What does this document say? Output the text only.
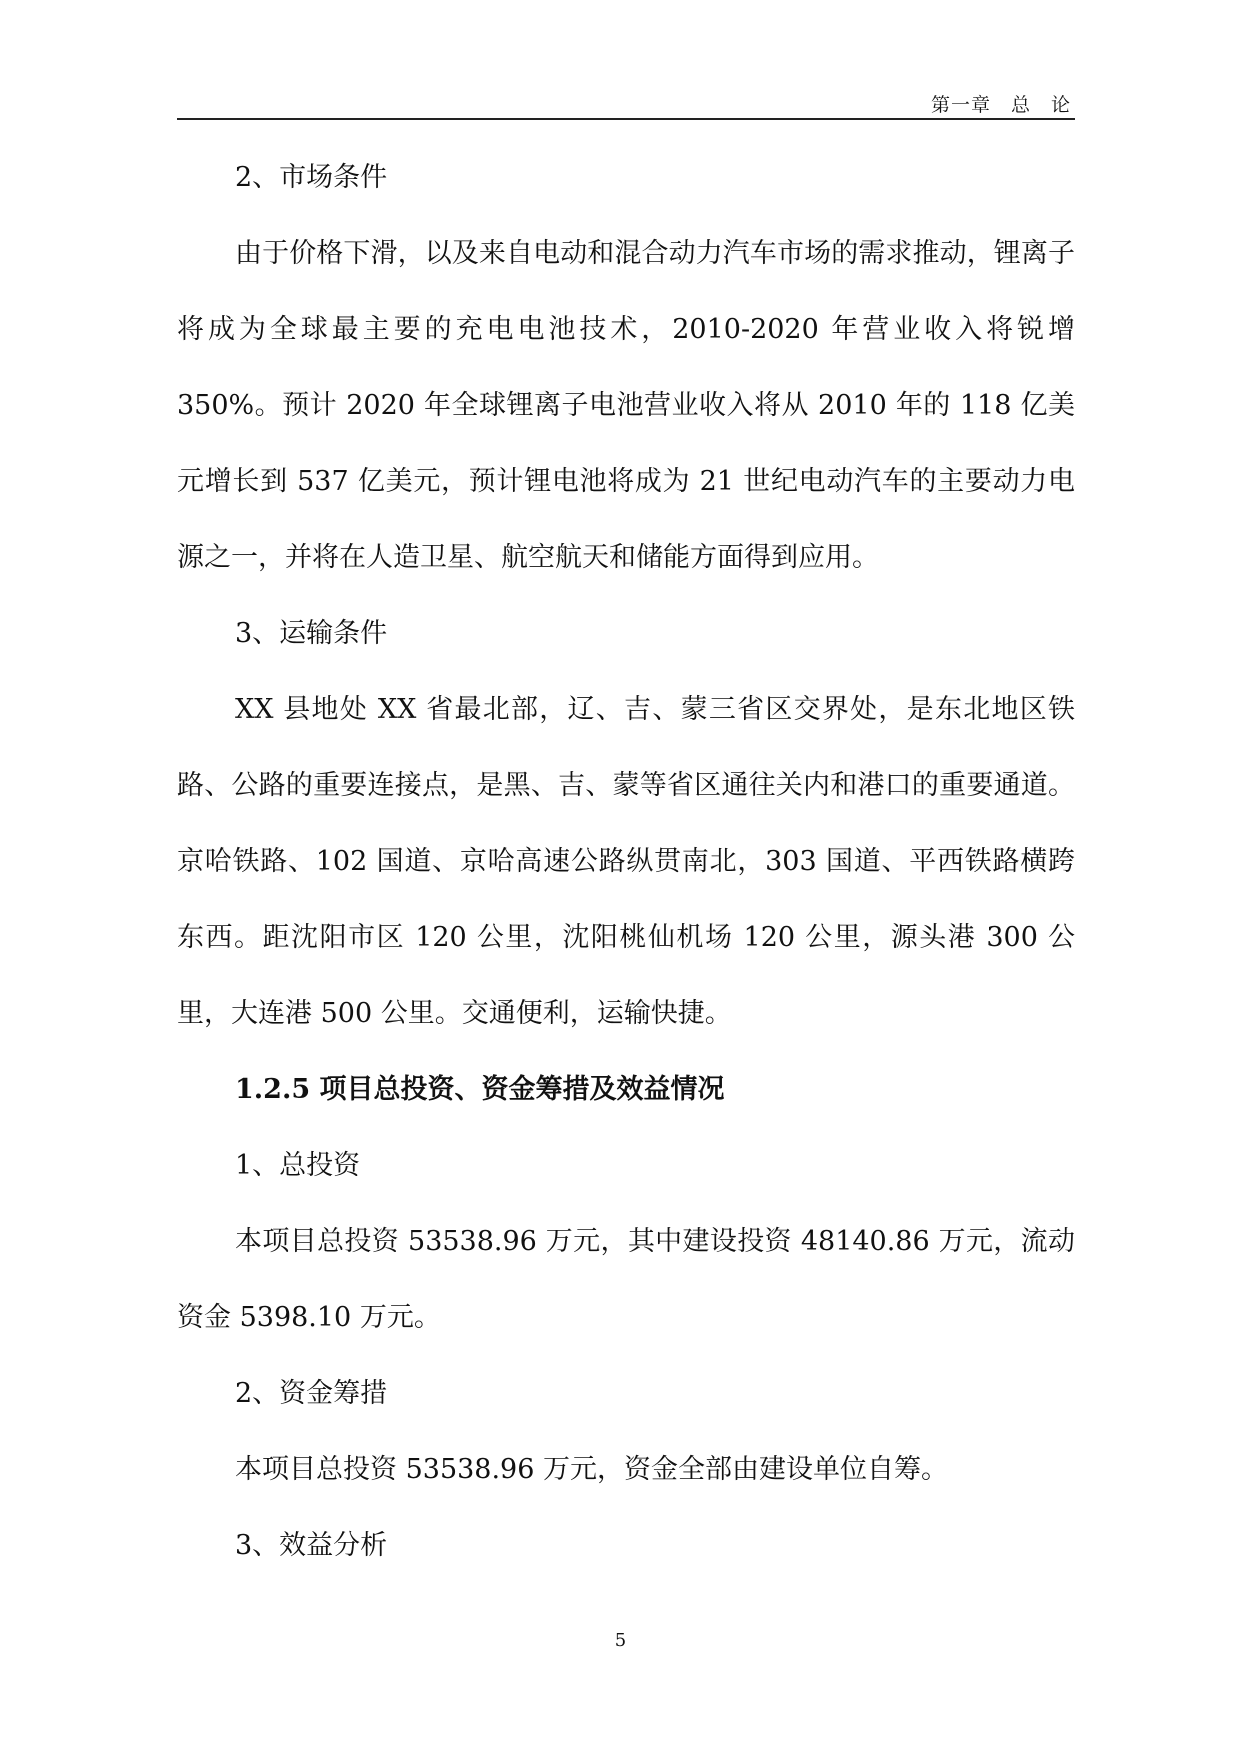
第一章　总　论

2、市场条件

由于价格下滑，以及来自电动和混合动力汽车市场的需求推动，锂离子将成为全球最主要的充电电池技术，2010-2020 年营业收入将锐增 350%。预计 2020 年全球锂离子电池营业收入将从 2010 年的 118 亿美元增长到 537 亿美元，预计锂电池将成为 21 世纪电动汽车的主要动力电源之一，并将在人造卫星、航空航天和储能方面得到应用。

3、运输条件

XX 县地处 XX 省最北部，辽、吉、蒙三省区交界处，是东北地区铁路、公路的重要连接点，是黑、吉、蒙等省区通往关内和港口的重要通道。京哈铁路、102 国道、京哈高速公路纵贯南北，303 国道、平西铁路横跨东西。距沈阳市区 120 公里，沈阳桃仙机场 120 公里，源头港 300 公里，大连港 500 公里。交通便利，运输快捷。

1.2.5 项目总投资、资金筹措及效益情况

1、总投资

本项目总投资 53538.96 万元，其中建设投资 48140.86 万元，流动资金 5398.10 万元。

2、资金筹措

本项目总投资 53538.96 万元，资金全部由建设单位自筹。

3、效益分析

5
